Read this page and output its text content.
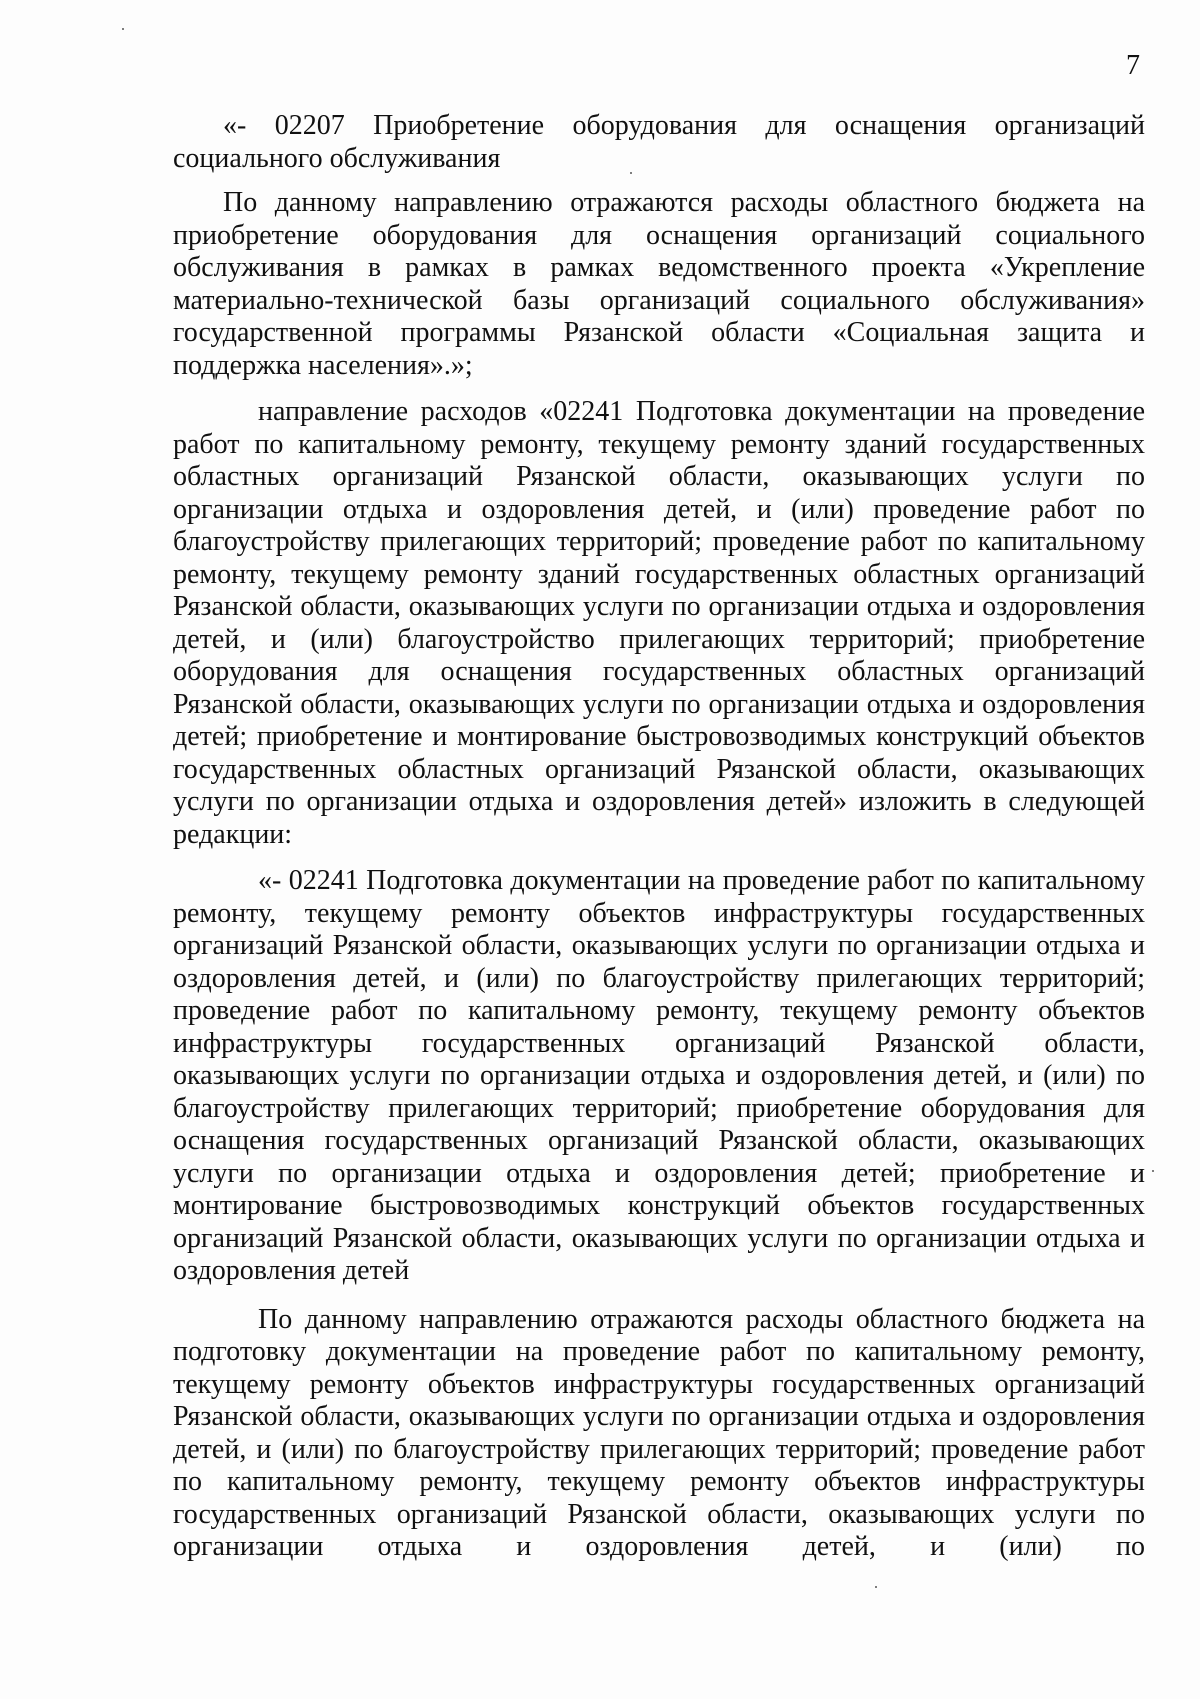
7

«- 02207 Приобретение оборудования для оснащения организаций социального обслуживания

По данному направлению отражаются расходы областного бюджета на приобретение оборудования для оснащения организаций социального обслуживания в рамках в рамках ведомственного проекта «Укрепление материально-технической базы организаций социального обслуживания» государственной программы Рязанской области «Социальная защита и поддержка населения».»;

направление расходов «02241 Подготовка документации на проведение работ по капитальному ремонту, текущему ремонту зданий государственных областных организаций Рязанской области, оказывающих услуги по организации отдыха и оздоровления детей, и (или) проведение работ по благоустройству прилегающих территорий; проведение работ по капитальному ремонту, текущему ремонту зданий государственных областных организаций Рязанской области, оказывающих услуги по организации отдыха и оздоровления детей, и (или) благоустройство прилегающих территорий; приобретение оборудования для оснащения государственных областных организаций Рязанской области, оказывающих услуги по организации отдыха и оздоровления детей; приобретение и монтирование быстровозводимых конструкций объектов государственных областных организаций Рязанской области, оказывающих услуги по организации отдыха и оздоровления детей» изложить в следующей редакции:

«- 02241 Подготовка документации на проведение работ по капитальному ремонту, текущему ремонту объектов инфраструктуры государственных организаций Рязанской области, оказывающих услуги по организации отдыха и оздоровления детей, и (или) по благоустройству прилегающих территорий; проведение работ по капитальному ремонту, текущему ремонту объектов инфраструктуры государственных организаций Рязанской области, оказывающих услуги по организации отдыха и оздоровления детей, и (или) по благоустройству прилегающих территорий; приобретение оборудования для оснащения государственных организаций Рязанской области, оказывающих услуги по организации отдыха и оздоровления детей; приобретение и монтирование быстровозводимых конструкций объектов государственных организаций Рязанской области, оказывающих услуги по организации отдыха и оздоровления детей

По данному направлению отражаются расходы областного бюджета на подготовку документации на проведение работ по капитальному ремонту, текущему ремонту объектов инфраструктуры государственных организаций Рязанской области, оказывающих услуги по организации отдыха и оздоровления детей, и (или) по благоустройству прилегающих территорий; проведение работ по капитальному ремонту, текущему ремонту объектов инфраструктуры государственных организаций Рязанской области, оказывающих услуги по организации отдыха и оздоровления детей, и (или) по
